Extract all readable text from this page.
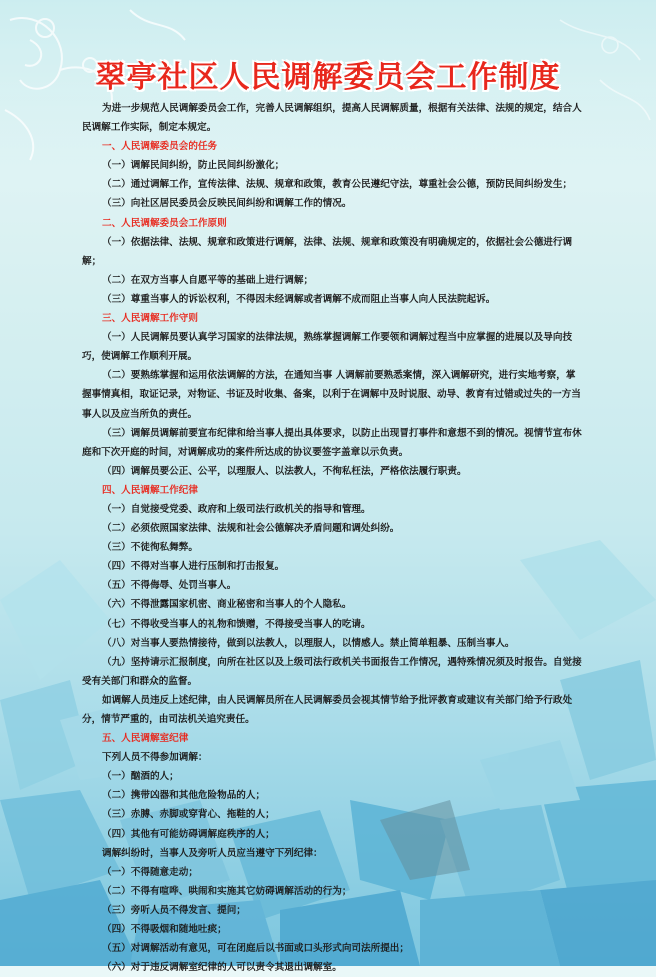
翠亭社区人民调解委员会工作制度

为进一步规范人民调解委员会工作，完善人民调解组织，提高人民调解质量，根据有关法律、法规的规定，结合人民调解工作实际，制定本规定。

一、人民调解委员会的任务

（一）调解民间纠纷，防止民间纠纷激化；

（二）通过调解工作，宣传法律、法规、规章和政策，教育公民遵纪守法，尊重社会公德，预防民间纠纷发生；

（三）向社区居民委员会反映民间纠纷和调解工作的情况。

二、人民调解委员会工作原则

（一）依据法律、法规、规章和政策进行调解，法律、法规、规章和政策没有明确规定的，依据社会公德进行调解；

（二）在双方当事人自愿平等的基础上进行调解；

（三）尊重当事人的诉讼权利，不得因未经调解或者调解不成而阻止当事人向人民法院起诉。

三、人民调解工作守则

（一）人民调解员要认真学习国家的法律法规，熟练掌握调解工作要领和调解过程当中应掌握的进展以及导向技巧，使调解工作顺利开展。

（二）要熟练掌握和运用依法调解的方法，在通知当事 人调解前要熟悉案情，深入调解研究，进行实地考察，掌握事情真相，取证记录，对物证、书证及时收集、备案，以利于在调解中及时说服、动导、教育有过错或过失的一方当事人以及应当所负的责任。

（三）调解员调解前要宣布纪律和给当事人提出具体要求，以防止出现冒打事件和意想不到的情况。视情节宣布休庭和下次开庭的时间，对调解成功的案件所达成的协议要签字盖章以示负责。

（四）调解员要公正、公平，以理服人、以法教人，不徇私枉法，严格依法履行职责。

四、人民调解工作纪律

（一）自觉接受党委、政府和上级司法行政机关的指导和管理。

（二）必须依照国家法律、法规和社会公德解决矛盾问题和调处纠纷。

（三）不徒徇私舞弊。

（四）不得对当事人进行压制和打击报复。

（五）不得侮辱、处罚当事人。

（六）不得泄露国家机密、商业秘密和当事人的个人隐私。

（七）不得收受当事人的礼物和馈赠，不得接受当事人的吃请。

（八）对当事人要热情接待，做到以法教人，以理服人，以情感人。禁止简单粗暴、压制当事人。

（九）坚持请示汇报制度，向所在社区以及上级司法行政机关书面报告工作情况，遇特殊情况须及时报告。自觉接受有关部门和群众的监督。

如调解人员违反上述纪律，由人民调解员所在人民调解委员会视其情节给予批评教育或建议有关部门给予行政处分，情节严重的，由司法机关追究责任。

五、人民调解室纪律

下列人员不得参加调解：

（一）酗酒的人；

（二）携带凶器和其他危险物品的人；

（三）赤膊、赤脚或穿背心、拖鞋的人；

（四）其他有可能妨碍调解庭秩序的人；

调解纠纷时，当事人及旁听人员应当遵守下列纪律：

（一）不得随意走动；

（二）不得有喧哗、哄闹和实施其它妨碍调解活动的行为；

（三）旁听人员不得发言、提问；

（四）不得吸烟和随地吐痰；

（五）对调解活动有意见，可在闭庭后以书面或口头形式向司法所提出；

（六）对于违反调解室纪律的人可以责令其退出调解室。
